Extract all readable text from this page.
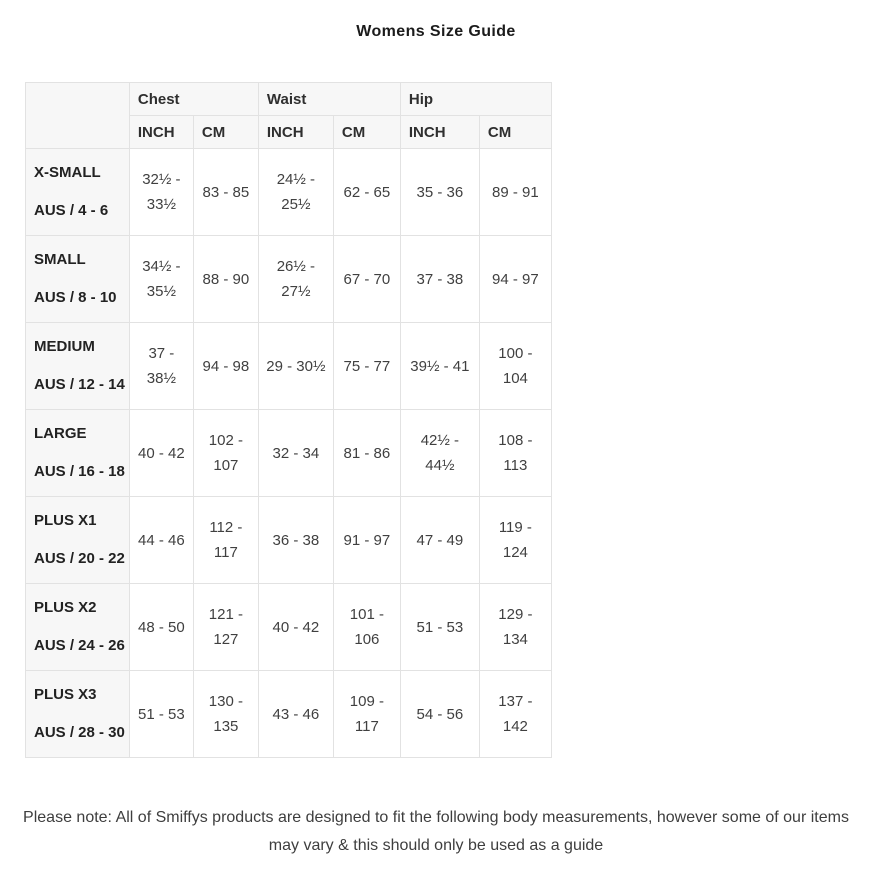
Womens Size Guide
	Chest		Waist		Hip	
	INCH	CM	INCH	CM	INCH	CM

X-SMALL
AUS / 4 - 6	32½ - 33½	83 - 85	24½ - 25½	62 - 65	35 - 36	89 - 91

SMALL
AUS / 8 - 10	34½ - 35½	88 - 90	26½ - 27½	67 - 70	37 - 38	94 - 97

MEDIUM
AUS / 12 - 14	37 - 38½	94 - 98	29 - 30½	75 - 77	39½ - 41	100 - 104

LARGE
AUS / 16 - 18	40 - 42	102 - 107	32 - 34	81 - 86	42½ - 44½	108 - 113

PLUS X1
AUS / 20 - 22	44 - 46	112 - 117	36 - 38	91 - 97	47 - 49	119 - 124

PLUS X2
AUS / 24 - 26	48 - 50	121 - 127	40 - 42	101 - 106	51 - 53	129 - 134

PLUS X3
AUS / 28 - 30	51 - 53	130 - 135	43 - 46	109 - 117	54 - 56	137 - 142
Please note: All of Smiffys products are designed to fit the following body measurements, however some of our items
may vary & this should only be used as a guide
